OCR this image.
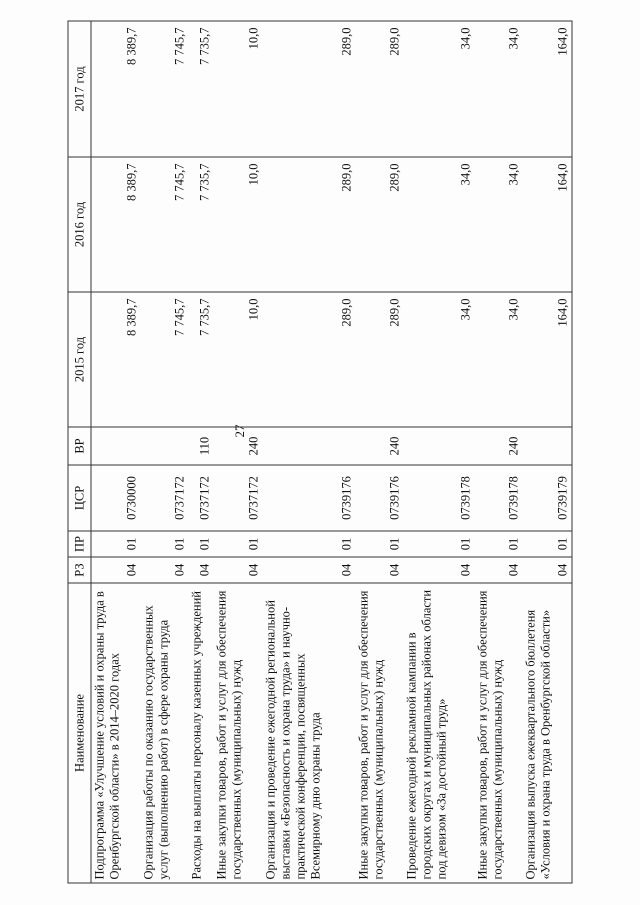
27
Наименование	РЗ	ПР	ЦСР	ВР	2015 год	2016 год	2017 год
Подпрограмма «Улучшение условий и охраны труда в Оренбургской области» в 2014–2020 годах	04	01	0730000		8 389,7	8 389,7	8 389,7
Организация работы по оказанию государственных услуг (выполнению работ) в сфере охраны труда	04	01	0737172		7 745,7	7 745,7	7 745,7
Расходы на выплаты персоналу казенных учреждений	04	01	0737172	110	7 735,7	7 735,7	7 735,7
Иные закупки товаров, работ и услуг для обеспечения государственных (муниципальных) нужд	04	01	0737172	240	10,0	10,0	10,0
Организация и проведение ежегодной региональной выставки «Безопасность и охрана труда» и научно-практической конференции, посвященных Всемирному дню охраны труда	04	01	0739176		289,0	289,0	289,0
Иные закупки товаров, работ и услуг для обеспечения государственных (муниципальных) нужд	04	01	0739176	240	289,0	289,0	289,0
Проведение ежегодной рекламной кампании в городских округах и муниципальных районах области под девизом «За достойный труд»	04	01	0739178		34,0	34,0	34,0
Иные закупки товаров, работ и услуг для обеспечения государственных (муниципальных) нужд	04	01	0739178	240	34,0	34,0	34,0
Организация выпуска ежеквартального бюллетеня «Условия и охрана труда в Оренбургской области»	04	01	0739179		164,0	164,0	164,0
